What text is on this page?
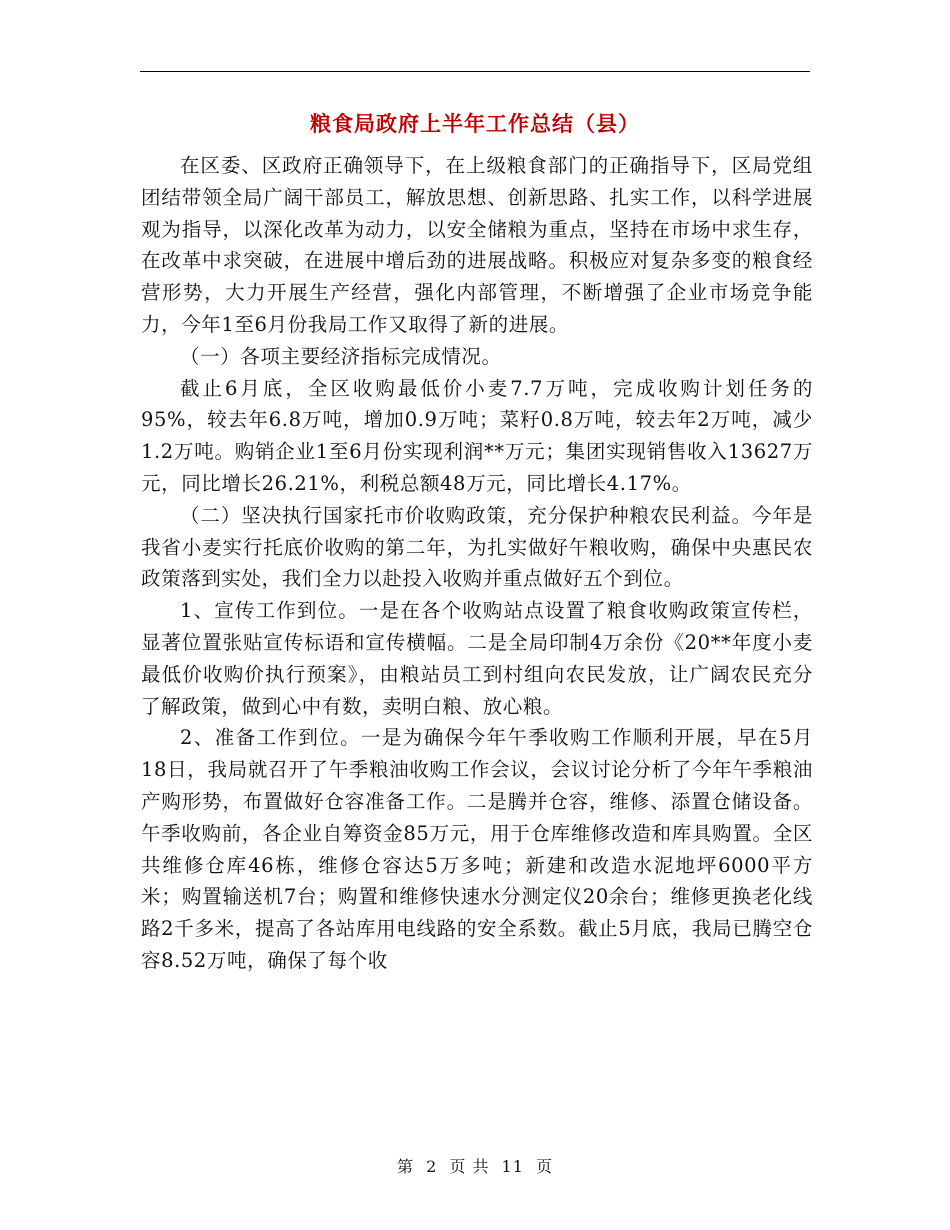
粮食局政府上半年工作总结（县）

在区委、区政府正确领导下，在上级粮食部门的正确指导下，区局党组团结带领全局广阔干部员工，解放思想、创新思路、扎实工作，以科学进展观为指导，以深化改革为动力，以安全储粮为重点，坚持在市场中求生存，在改革中求突破，在进展中增后劲的进展战略。积极应对复杂多变的粮食经营形势，大力开展生产经营，强化内部管理，不断增强了企业市场竞争能力，今年1至6月份我局工作又取得了新的进展。

（一）各项主要经济指标完成情况。

截止6月底，全区收购最低价小麦7.7万吨，完成收购计划任务的95%，较去年6.8万吨，增加0.9万吨；菜籽0.8万吨，较去年2万吨，减少1.2万吨。购销企业1至6月份实现利润**万元；集团实现销售收入13627万元，同比增长26.21%，利税总额48万元，同比增长4.17%。

（二）坚决执行国家托市价收购政策，充分保护种粮农民利益。今年是我省小麦实行托底价收购的第二年，为扎实做好午粮收购，确保中央惠民农政策落到实处，我们全力以赴投入收购并重点做好五个到位。

1、宣传工作到位。一是在各个收购站点设置了粮食收购政策宣传栏，显著位置张贴宣传标语和宣传横幅。二是全局印制4万余份《20**年度小麦最低价收购价执行预案》，由粮站员工到村组向农民发放，让广阔农民充分了解政策，做到心中有数，卖明白粮、放心粮。

2、准备工作到位。一是为确保今年午季收购工作顺利开展，早在5月18日，我局就召开了午季粮油收购工作会议，会议讨论分析了今年午季粮油产购形势，布置做好仓容准备工作。二是腾并仓容，维修、添置仓储设备。午季收购前，各企业自筹资金85万元，用于仓库维修改造和库具购置。全区共维修仓库46栋，维修仓容达5万多吨；新建和改造水泥地坪6000平方米；购置输送机7台；购置和维修快速水分测定仪20余台；维修更换老化线路2千多米，提高了各站库用电线路的安全系数。截止5月底，我局已腾空仓容8.52万吨，确保了每个收

第 2 页 共 11 页
